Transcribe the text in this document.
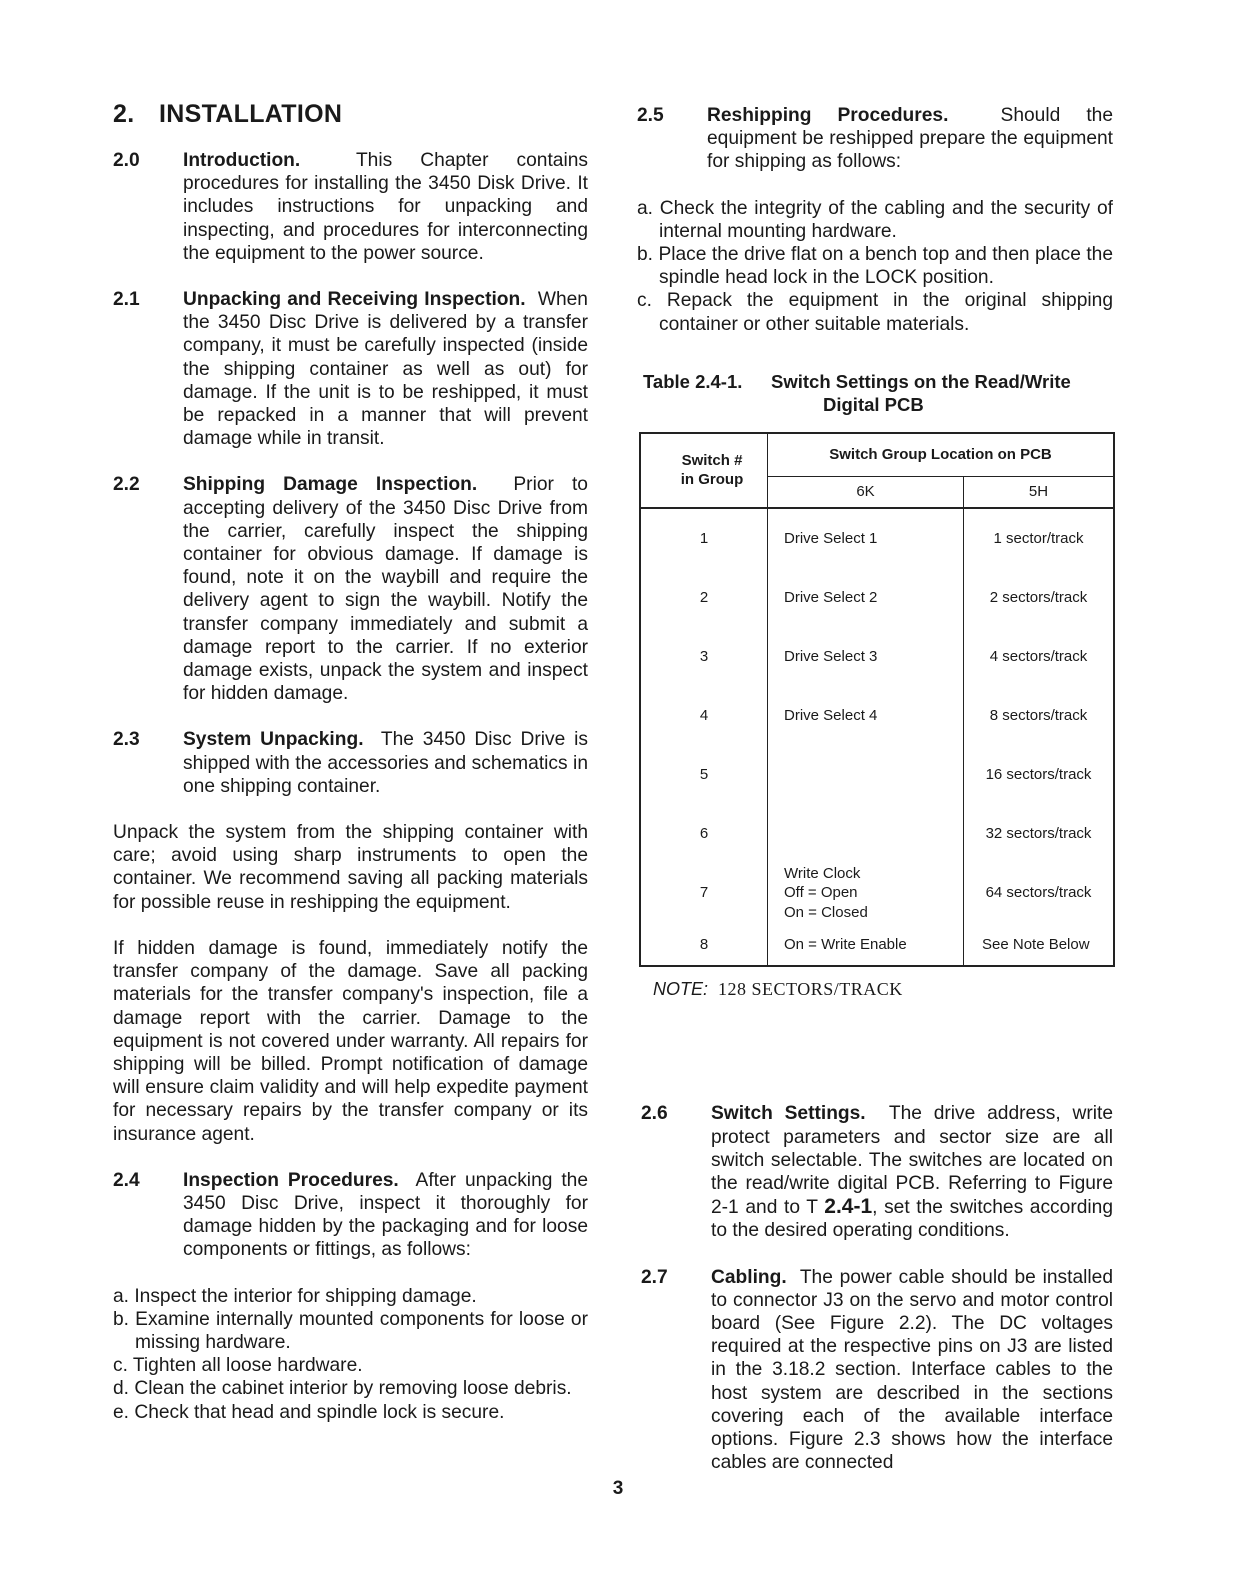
2. INSTALLATION
2.0 Introduction.	This Chapter contains procedures for installing the 3450 Disk Drive. It includes instructions for unpacking and inspecting, and procedures for interconnecting the equipment to the power source.
2.1 Unpacking and Receiving Inspection. When the 3450 Disc Drive is delivered by a transfer company, it must be carefully inspected (inside the shipping container as well as out) for damage. If the unit is to be reshipped, it must be repacked in a manner that will prevent damage while in transit.
2.2 Shipping Damage Inspection. Prior to accepting delivery of the 3450 Disc Drive from the carrier, carefully inspect the shipping container for obvious damage. If damage is found, note it on the waybill and require the delivery agent to sign the waybill. Notify the transfer company immediately and submit a damage report to the carrier. If no exterior damage exists, unpack the system and inspect for hidden damage.
2.3 System Unpacking. The 3450 Disc Drive is shipped with the accessories and schematics in one shipping container.
Unpack the system from the shipping container with care; avoid using sharp instruments to open the container. We recommend saving all packing materials for possible reuse in reshipping the equipment.
If hidden damage is found, immediately notify the transfer company of the damage. Save all packing materials for the transfer company's inspection, file a damage report with the carrier. Damage to the equipment is not covered under warranty. All repairs for shipping will be billed. Prompt notification of damage will ensure claim validity and will help expedite payment for necessary repairs by the transfer company or its insurance agent.
2.4 Inspection Procedures. After unpacking the 3450 Disc Drive, inspect it thoroughly for damage hidden by the packaging and for loose components or fittings, as follows:
a. Inspect the interior for shipping damage.
b. Examine internally mounted components for loose or missing hardware.
c. Tighten all loose hardware.
d. Clean the cabinet interior by removing loose debris.
e. Check that head and spindle lock is secure.
2.5 Reshipping Procedures.	Should the equipment be reshipped prepare the equipment for shipping as follows:
a. Check the integrity of the cabling and the security of internal mounting hardware.
b. Place the drive flat on a bench top and then place the spindle head lock in the LOCK position.
c. Repack the equipment in the original shipping container or other suitable materials.
Table 2.4-1. Switch Settings on the Read/Write
Digital PCB
Switch #
in Group	Switch Group Location on PCB	
	6K	5H
1	Drive Select 1	1 sector/track
2	Drive Select 2	2 sectors/track
3	Drive Select 3	4 sectors/track
4	Drive Select 4	8 sectors/track
5		16 sectors/track
6		32 sectors/track
7	Write Clock
Off = Open
On = Closed	64 sectors/track
8	On = Write Enable	See Note Below
NOTE: 128 SECTORS/TRACK
2.6 Switch Settings. The drive address, write protect parameters and sector size are all switch selectable. The switches are located on the read/write digital PCB. Referring to Figure 2-1 and to T 2.4-1, set the switches according to the desired operating conditions.
2.7 Cabling. The power cable should be installed to connector J3 on the servo and motor control board (See Figure 2.2). The DC voltages required at the respective pins on J3 are listed in the 3.18.2 section. Interface cables to the host system are described in the sections covering each of the available interface options. Figure 2.3 shows how the interface cables are connected
3
